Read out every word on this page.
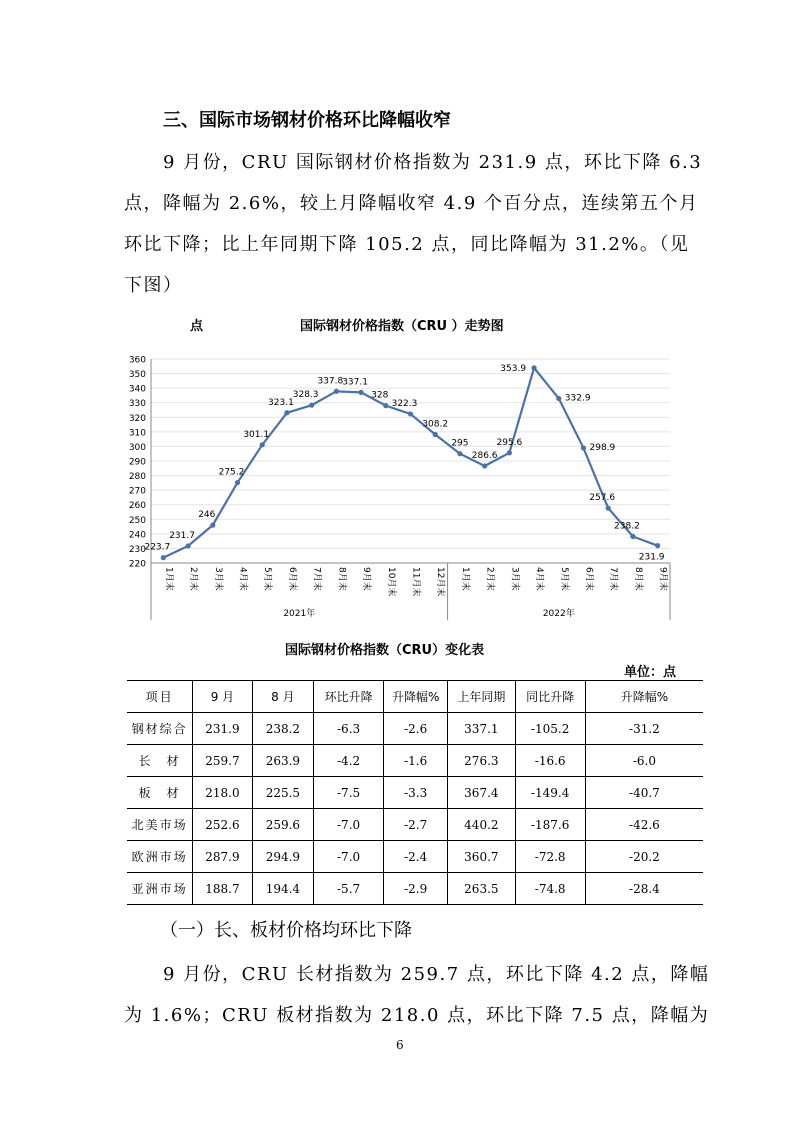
三、国际市场钢材价格环比降幅收窄
9 月份，CRU 国际钢材价格指数为 231.9 点，环比下降 6.3
点，降幅为 2.6%，较上月降幅收窄 4.9 个百分点，连续第五个月
环比下降；比上年同期下降 105.2 点，同比降幅为 31.2%。（见
下图）
点	国际钢材价格指数（CRU ）走势图
220
230
240
250
260
270
280
290
300
310
320
330
340
350
360
2021年	2022年
1月末 2月末 3月末 4月末 5月末 6月末 7月末 8月末 9月末 10月末 11月末 12月末 1月末 2月末 3月末 4月末 5月末 6月末 7月末 8月末 9月末
223.7
231.7
246
275.2
301.1
323.1
328.3
337.8
337.1
328
322.3
308.2
295
286.6
295.6
353.9
332.9
298.9
257.6
238.2
231.9
国际钢材价格指数（CRU）变化表
单位：点
项目	9 月	8 月	环比升降	升降幅%	上年同期	同比升降	升降幅%
钢材综合	231.9	238.2	-6.3	-2.6	337.1	-105.2	-31.2
长　材	259.7	263.9	-4.2	-1.6	276.3	-16.6	-6.0
板　材	218.0	225.5	-7.5	-3.3	367.4	-149.4	-40.7
北美市场	252.6	259.6	-7.0	-2.7	440.2	-187.6	-42.6
欧洲市场	287.9	294.9	-7.0	-2.4	360.7	-72.8	-20.2
亚洲市场	188.7	194.4	-5.7	-2.9	263.5	-74.8	-28.4
（一）长、板材价格均环比下降
9 月份，CRU 长材指数为 259.7 点，环比下降 4.2 点，降幅
为 1.6%；CRU 板材指数为 218.0 点，环比下降 7.5 点，降幅为
6
